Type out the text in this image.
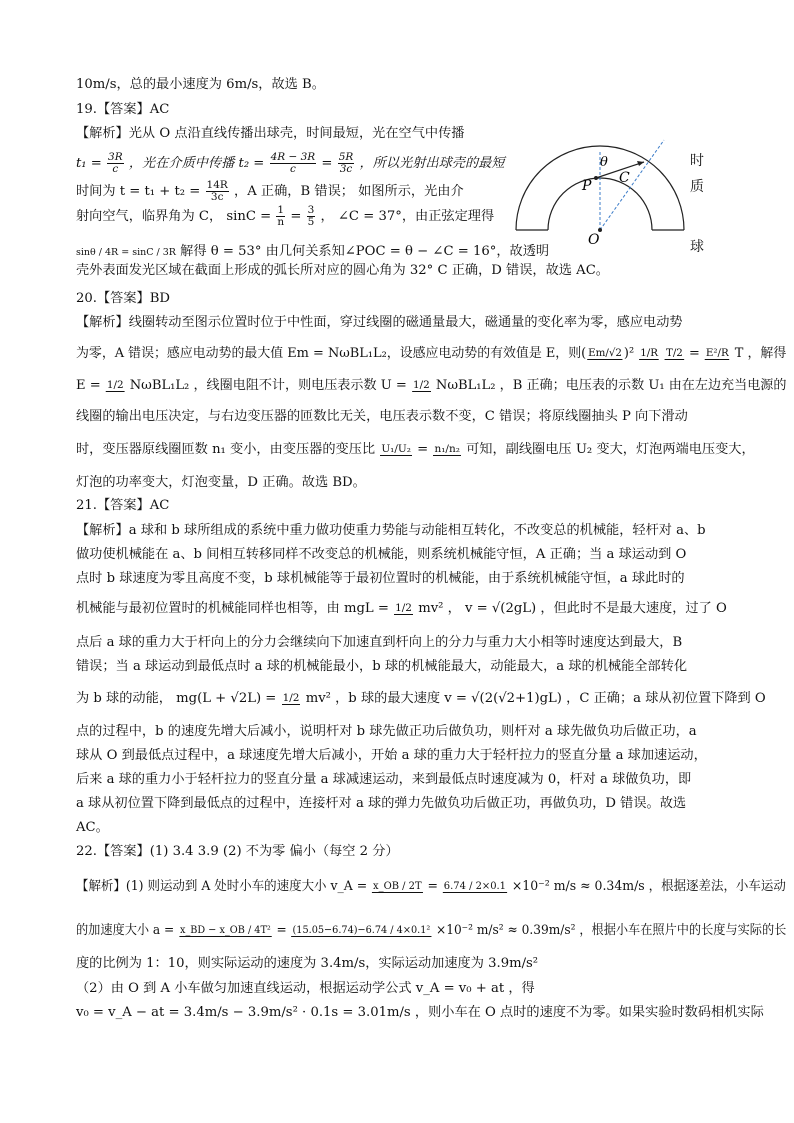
10m/s，总的最小速度为 6m/s，故选 B。
19.【答案】AC
【解析】光从 O 点沿直线传播出球壳，时间最短，光在空气中传播
$t_1 = \frac{3R}{c}$ ，光在介质中传播 $t_2 = \frac{4R - 3R}{c} = \frac{5R}{3c}$ ，所以光射出球壳的最短
时间为 $t = t_1 + t_2 = \frac{14R}{3c}$ ，A 正确，B 错误； 如图所示，光由介
射向空气，临界角为 C， $\sin C = \frac{1}{n} = \frac{3}{5}$ ， ∠C = 37°，由正弦定理得
sinθ / 4R = sinC / 3R 解得 θ = 53° 由几何关系知∠POC = θ − ∠C = 16°，故透明
壳外表面发光区域在截面上形成的弧长所对应的圆心角为 32° C 正确，D 错误，故选 AC。
θ
P C
O
时
质
球
20.【答案】BD
【解析】线圈转动至图示位置时位于中性面，穿过线圈的磁通量最大，磁通量的变化率为零，感应电动势
为零，A 错误；感应电动势的最大值 Em = NωBL₁L₂，设感应电动势的有效值是 E，则( Em/√2 )² 1/R
T/2 = E²/R T ，解得
E = 1/2 NωBL₁L₂ ，线圈电阻不计，则电压表示数 U = 1/2 NωBL₁L₂ ，B 正确；电压表的示数 U₁ 由在左边充当电源的
线圈的输出电压决定，与右边变压器的匝数比无关，电压表示数不变，C 错误；将原线圈抽头 P 向下滑动
时，变压器原线圈匝数 n₁ 变小，由变压器的变压比 U₁/U₂ = n₁/n₂ 可知，副线圈电压 U₂ 变大，灯泡两端电压变大，
灯泡的功率变大，灯泡变量，D 正确。故选 BD。
21.【答案】AC
【解析】a 球和 b 球所组成的系统中重力做功使重力势能与动能相互转化，不改变总的机械能，轻杆对 a、b
做功使机械能在 a、b 间相互转移同样不改变总的机械能，则系统机械能守恒，A 正确；当 a 球运动到 O
点时 b 球速度为零且高度不变，b 球机械能等于最初位置时的机械能，由于系统机械能守恒，a 球此时的
机械能与最初位置时的机械能同样也相等，由 mgL = 1/2 mv² ， v = √(2gL) ，但此时不是最大速度，过了 O
点后 a 球的重力大于杆向上的分力会继续向下加速直到杆向上的分力与重力大小相等时速度达到最大，B
错误；当 a 球运动到最低点时 a 球的机械能最小，b 球的机械能最大，动能最大，a 球的机械能全部转化
为 b 球的动能， mg(L + √2L) = 1/2 mv² ，b 球的最大速度 v = √(2(√2+1)gL) ，C 正确；a 球从初位置下降到 O
点的过程中，b 的速度先增大后减小，说明杆对 b 球先做正功后做负功，则杆对 a 球先做负功后做正功，a
球从 O 到最低点过程中，a 球速度先增大后减小，开始 a 球的重力大于轻杆拉力的竖直分量 a 球加速运动，
后来 a 球的重力小于轻杆拉力的竖直分量 a 球减速运动，来到最低点时速度减为 0，杆对 a 球做负功，即
a 球从初位置下降到最低点的过程中，连接杆对 a 球的弹力先做负功后做正功，再做负功，D 错误。故选
AC。
22.【答案】(1) 3.4 3.9 (2) 不为零 偏小（每空 2 分）
【解析】(1) 则运动到 A 处时小车的速度大小 v_A = x_OB / 2T = 6.74 / 2×0.1 ×10⁻² m/s ≈ 0.34m/s ，根据逐差法，小车运动
的加速度大小 a = x_BD − x_OB / 4T² = (15.05−6.74)−6.74 / 4×0.1² ×10⁻² m/s² ≈ 0.39m/s² ，根据小车在照片中的长度与实际的长
度的比例为 1：10，则实际运动的速度为 3.4m/s，实际运动加速度为 3.9m/s²
（2）由 O 到 A 小车做匀加速直线运动，根据运动学公式 v_A = v₀ + at ，得
v₀ = v_A − at = 3.4m/s − 3.9m/s² · 0.1s = 3.01m/s ，则小车在 O 点时的速度不为零。如果实验时数码相机实际
